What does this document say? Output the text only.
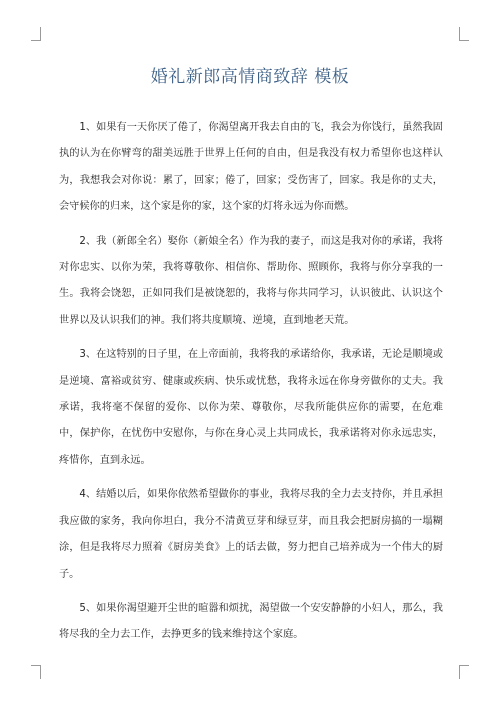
婚礼新郎高情商致辞 模板

1、如果有一天你厌了倦了，你渴望离开我去自由的飞，我会为你饯行，虽然我固执的认为在你臂弯的甜美远胜于世界上任何的自由，但是我没有权力希望你也这样认为，我想我会对你说：累了，回家；倦了，回家；受伤害了，回家。我是你的丈夫，会守候你的归来，这个家是你的家，这个家的灯将永远为你而燃。

2、我（新郎全名）娶你（新娘全名）作为我的妻子，而这是我对你的承诺，我将对你忠实、以你为荣，我将尊敬你、相信你、帮助你、照顾你，我将与你分享我的一生。我将会饶恕，正如同我们是被饶恕的，我将与你共同学习，认识彼此、认识这个世界以及认识我们的神。我们将共度顺境、逆境，直到地老天荒。

3、在这特别的日子里，在上帝面前，我将我的承诺给你，我承诺，无论是顺境或是逆境、富裕或贫穷、健康或疾病、快乐或忧愁，我将永远在你身旁做你的丈夫。我承诺，我将毫不保留的爱你、以你为荣、尊敬你，尽我所能供应你的需要，在危难中，保护你，在忧伤中安慰你，与你在身心灵上共同成长，我承诺将对你永远忠实，疼惜你，直到永远。

4、结婚以后，如果你依然希望做你的事业，我将尽我的全力去支持你，并且承担我应做的家务，我向你坦白，我分不清黄豆芽和绿豆芽，而且我会把厨房搞的一塌糊涂，但是我将尽力照着《厨房美食》上的话去做，努力把自己培养成为一个伟大的厨子。

5、如果你渴望避开尘世的暄嚣和烦扰，渴望做一个安安静静的小妇人，那么，我将尽我的全力去工作，去挣更多的钱来维持这个家庭。
